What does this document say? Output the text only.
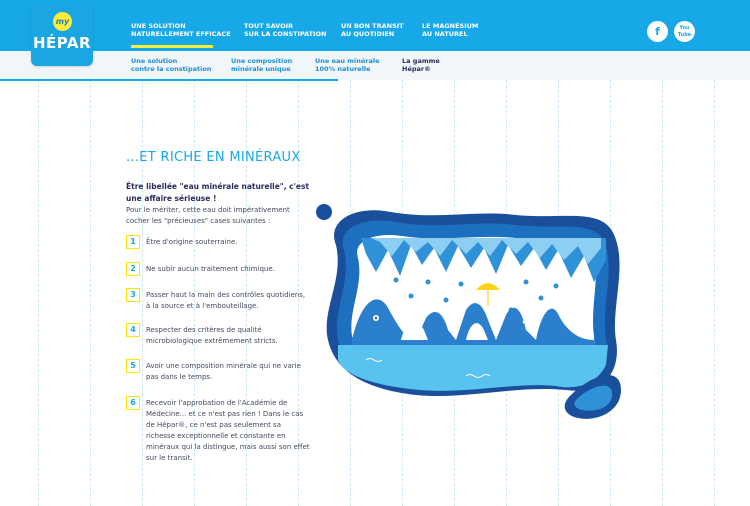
UNE SOLUTION
NATURELLEMENT EFFICACE
TOUT SAVOIR
SUR LA CONSTIPATION
UN BON TRANSIT
AU QUOTIDIEN
LE MAGNÉSIUM
AU NATUREL	f	You Tube
my
HÉPAR
Une solution
contre la constipation
Une composition
minérale unique
Une eau minérale
100% naturelle
La gamme
Hépar®
...ET RICHE EN MINÉRAUX
Être libellée "eau minérale naturelle", c'est une affaire sérieuse !
Pour le mériter, cette eau doit impérativement cocher les "précieuses" cases suivantes :
1	Être d'origine souterraine.
2	Ne subir aucun traitement chimique.
3	Passer haut la main des contrôles quotidiens, à la source et à l'embouteillage.
4	Respecter des critères de qualité microbiologique extrêmement stricts.
5	Avoir une composition minérale qui ne varie pas dans le temps.
6	Recevoir l'approbation de l'Académie de Médecine... et ce n'est pas rien ! Dans le cas de Hépar®, ce n'est pas seulement sa richesse exceptionnelle et constante en minéraux qui la distingue, mais aussi son effet sur le transit.
